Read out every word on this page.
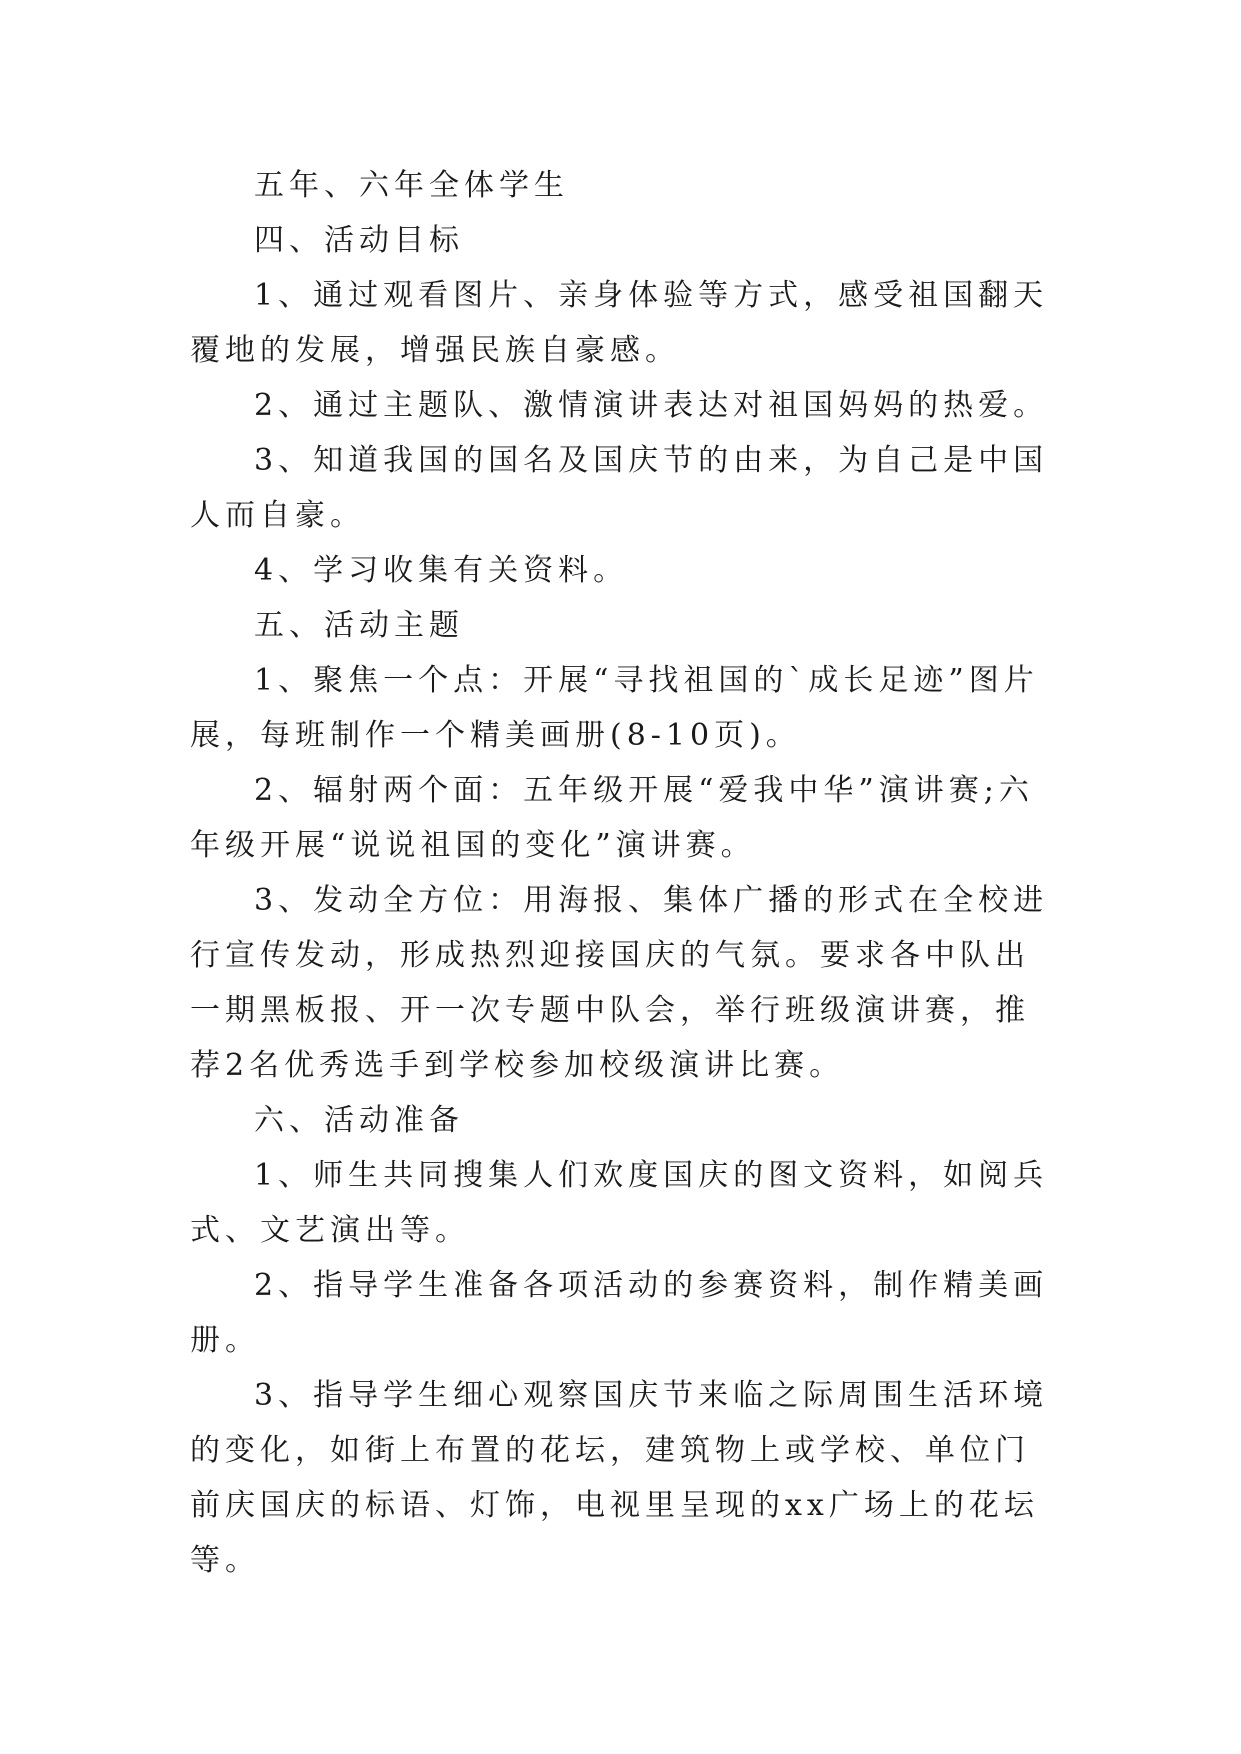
五年、六年全体学生

四、活动目标

1、通过观看图片、亲身体验等方式，感受祖国翻天覆地的发展，增强民族自豪感。

2、通过主题队、激情演讲表达对祖国妈妈的热爱。

3、知道我国的国名及国庆节的由来，为自己是中国人而自豪。

4、学习收集有关资料。

五、活动主题

1、聚焦一个点：开展“寻找祖国的`成长足迹”图片展，每班制作一个精美画册(8-10页)。

2、辐射两个面：五年级开展“爱我中华”演讲赛;六年级开展“说说祖国的变化”演讲赛。

3、发动全方位：用海报、集体广播的形式在全校进行宣传发动，形成热烈迎接国庆的气氛。要求各中队出一期黑板报、开一次专题中队会，举行班级演讲赛，推荐2名优秀选手到学校参加校级演讲比赛。

六、活动准备

1、师生共同搜集人们欢度国庆的图文资料，如阅兵式、文艺演出等。

2、指导学生准备各项活动的参赛资料，制作精美画册。

3、指导学生细心观察国庆节来临之际周围生活环境的变化，如街上布置的花坛，建筑物上或学校、单位门前庆国庆的标语、灯饰，电视里呈现的xx广场上的花坛等。
